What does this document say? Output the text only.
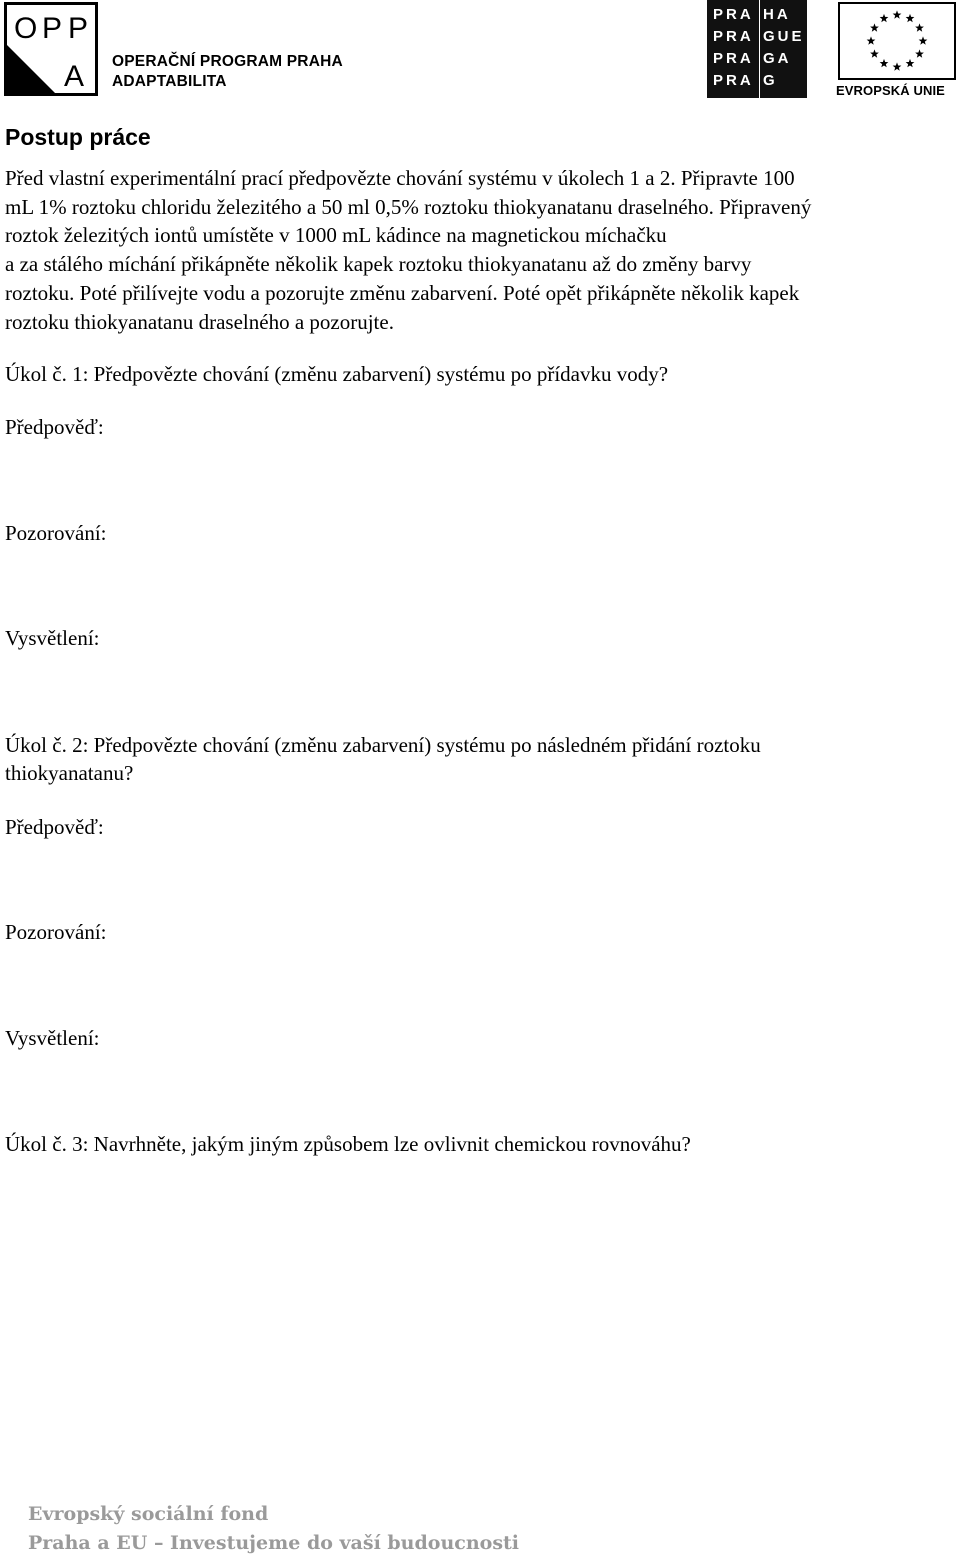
O P P
A OPERAČNÍ PROGRAM PRAHA
ADAPTABILITA
PRA
PRA
PRA
PRA
HA
GUE
GA
G
EVROPSKÁ UNIE
Postup práce
Před vlastní experimentální prací předpovězte chování systému v úkolech 1 a 2. Připravte 100
mL 1% roztoku chloridu železitého a 50 ml 0,5% roztoku thiokyanatanu draselného. Připravený
roztok železitých iontů umístěte v 1000 mL kádince na magnetickou míchačku
a za stálého míchání přikápněte několik kapek roztoku thiokyanatanu až do změny barvy
roztoku. Poté přilívejte vodu a pozorujte změnu zabarvení. Poté opět přikápněte několik kapek
roztoku thiokyanatanu draselného a pozorujte.
Úkol č. 1: Předpovězte chování (změnu zabarvení) systému po přídavku vody?
Předpověď:
Pozorování:
Vysvětlení:
Úkol č. 2: Předpovězte chování (změnu zabarvení) systému po následném přidání roztoku
thiokyanatanu?
Předpověď:
Pozorování:
Vysvětlení:
Úkol č. 3: Navrhněte, jakým jiným způsobem lze ovlivnit chemickou rovnováhu?
Evropský sociální fond
Praha a EU – Investujeme do vaší budoucnosti
